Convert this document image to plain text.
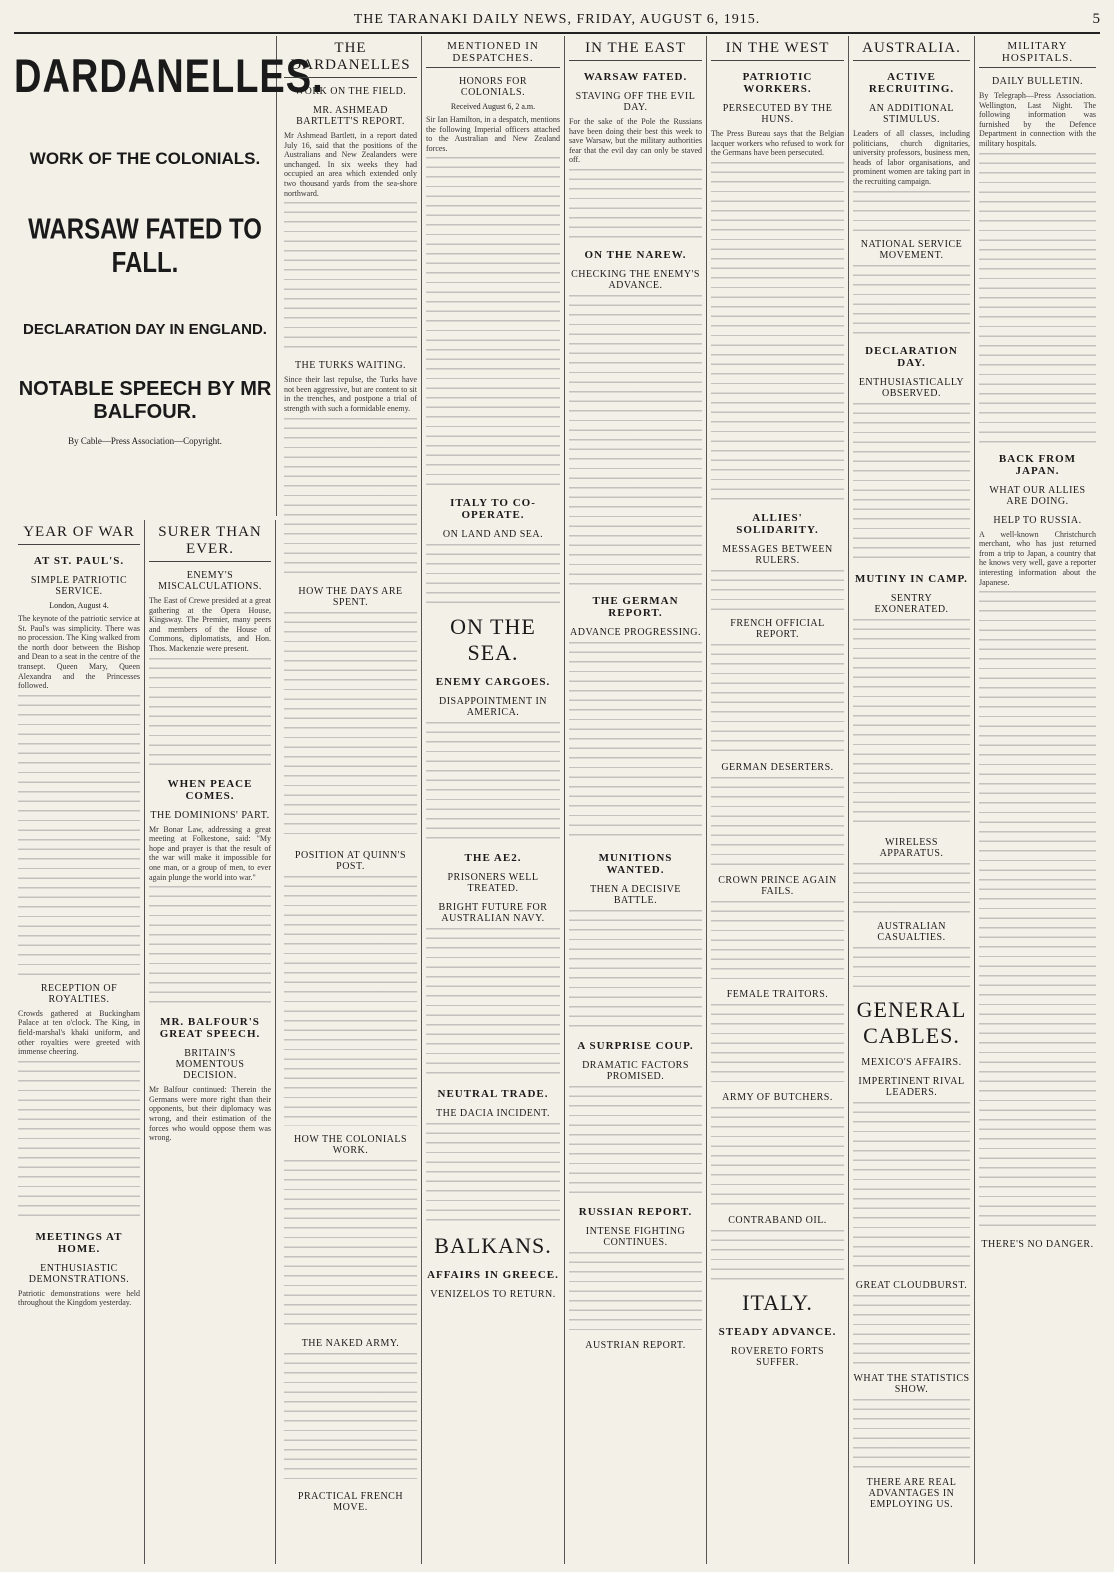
THE TARANAKI DAILY NEWS, FRIDAY, AUGUST 6, 1915.	5
DARDANELLES.
WORK OF THE COLONIALS.
WARSAW FATED TO FALL.
DECLARATION DAY IN ENGLAND.
NOTABLE SPEECH BY MR BALFOUR.
By Cable—Press Association—Copyright.
YEAR OF WAR
AT ST. PAUL'S.
SIMPLE PATRIOTIC SERVICE.
London, August 4.

The keynote of the patriotic service at St. Paul's was simplicity. There was no procession. The King walked from the north door between the Bishop and Dean to a seat in the centre of the transept. Queen Mary, Queen Alexandra and the Princesses followed.

RECEPTION OF ROYALTIES.

Crowds gathered at Buckingham Palace at ten o'clock. The King, in field-marshal's khaki uniform, and other royalties were greeted with immense cheering.

MEETINGS AT HOME.
ENTHUSIASTIC DEMONSTRATIONS.

Patriotic demonstrations were held throughout the Kingdom yesterday.

SURER THAN EVER.
ENEMY'S MISCALCULATIONS.

The East of Crewe presided at a great gathering at the Opera House, Kingsway. The Premier, many peers and members of the House of Commons, diplomatists, and Hon. Thos. Mackenzie were present.

WHEN PEACE COMES.
THE DOMINIONS' PART.

Mr Bonar Law, addressing a great meeting at Folkestone, said: "My hope and prayer is that the result of the war will make it impossible for one man, or a group of men, to ever again plunge the world into war."

MR. BALFOUR'S GREAT SPEECH.
BRITAIN'S MOMENTOUS DECISION.

Mr Balfour continued: Therein the Germans were more right than their opponents, but their diplomacy was wrong, and their estimation of the forces who would oppose them was wrong.

THE DARDANELLES
WORK ON THE FIELD.
MR. ASHMEAD BARTLETT'S REPORT.

Mr Ashmead Bartlett, in a report dated July 16, said that the positions of the Australians and New Zealanders were unchanged. In six weeks they had occupied an area which extended only two thousand yards from the sea-shore northward.

THE TURKS WAITING.

Since their last repulse, the Turks have not been aggressive, but are content to sit in the trenches, and postpone a trial of strength with such a formidable enemy.

HOW THE DAYS ARE SPENT.

POSITION AT QUINN'S POST.

HOW THE COLONIALS WORK.

THE NAKED ARMY.

PRACTICAL FRENCH MOVE.
MENTIONED IN DESPATCHES.
HONORS FOR COLONIALS.
Received August 6, 2 a.m.

Sir Ian Hamilton, in a despatch, mentions the following Imperial officers attached to the Australian and New Zealand forces.

ITALY TO CO-OPERATE.
ON LAND AND SEA.

ON THE SEA.
ENEMY CARGOES.
DISAPPOINTMENT IN AMERICA.

THE AE2.
PRISONERS WELL TREATED.
BRIGHT FUTURE FOR AUSTRALIAN NAVY.

NEUTRAL TRADE.
THE DACIA INCIDENT.

BALKANS.
AFFAIRS IN GREECE.
VENIZELOS TO RETURN.
IN THE EAST
WARSAW FATED.
STAVING OFF THE EVIL DAY.

For the sake of the Pole the Russians have been doing their best this week to save Warsaw, but the military authorities fear that the evil day can only be staved off.

ON THE NAREW.
CHECKING THE ENEMY'S ADVANCE.

THE GERMAN REPORT.
ADVANCE PROGRESSING.

MUNITIONS WANTED.
THEN A DECISIVE BATTLE.

A SURPRISE COUP.
DRAMATIC FACTORS PROMISED.

RUSSIAN REPORT.
INTENSE FIGHTING CONTINUES.

AUSTRIAN REPORT.
IN THE WEST
PATRIOTIC WORKERS.
PERSECUTED BY THE HUNS.

The Press Bureau says that the Belgian lacquer workers who refused to work for the Germans have been persecuted.

ALLIES' SOLIDARITY.
MESSAGES BETWEEN RULERS.

FRENCH OFFICIAL REPORT.

GERMAN DESERTERS.

CROWN PRINCE AGAIN FAILS.

FEMALE TRAITORS.

ARMY OF BUTCHERS.

CONTRABAND OIL.

ITALY.
STEADY ADVANCE.
ROVERETO FORTS SUFFER.
AUSTRALIA.
ACTIVE RECRUITING.
AN ADDITIONAL STIMULUS.

Leaders of all classes, including politicians, church dignitaries, university professors, business men, heads of labor organisations, and prominent women are taking part in the recruiting campaign.

NATIONAL SERVICE MOVEMENT.

DECLARATION DAY.
ENTHUSIASTICALLY OBSERVED.

MUTINY IN CAMP.
SENTRY EXONERATED.

WIRELESS APPARATUS.

AUSTRALIAN CASUALTIES.

GENERAL CABLES.
MEXICO'S AFFAIRS.
IMPERTINENT RIVAL LEADERS.

GREAT CLOUDBURST.

WHAT THE STATISTICS SHOW.

THERE ARE REAL ADVANTAGES IN EMPLOYING US.
MILITARY HOSPITALS.
DAILY BULLETIN.

By Telegraph—Press Association. Wellington, Last Night. The following information was furnished by the Defence Department in connection with the military hospitals.

BACK FROM JAPAN.
WHAT OUR ALLIES ARE DOING.
HELP TO RUSSIA.

A well-known Christchurch merchant, who has just returned from a trip to Japan, a country that he knows very well, gave a reporter interesting information about the Japanese.

THERE'S NO DANGER.
